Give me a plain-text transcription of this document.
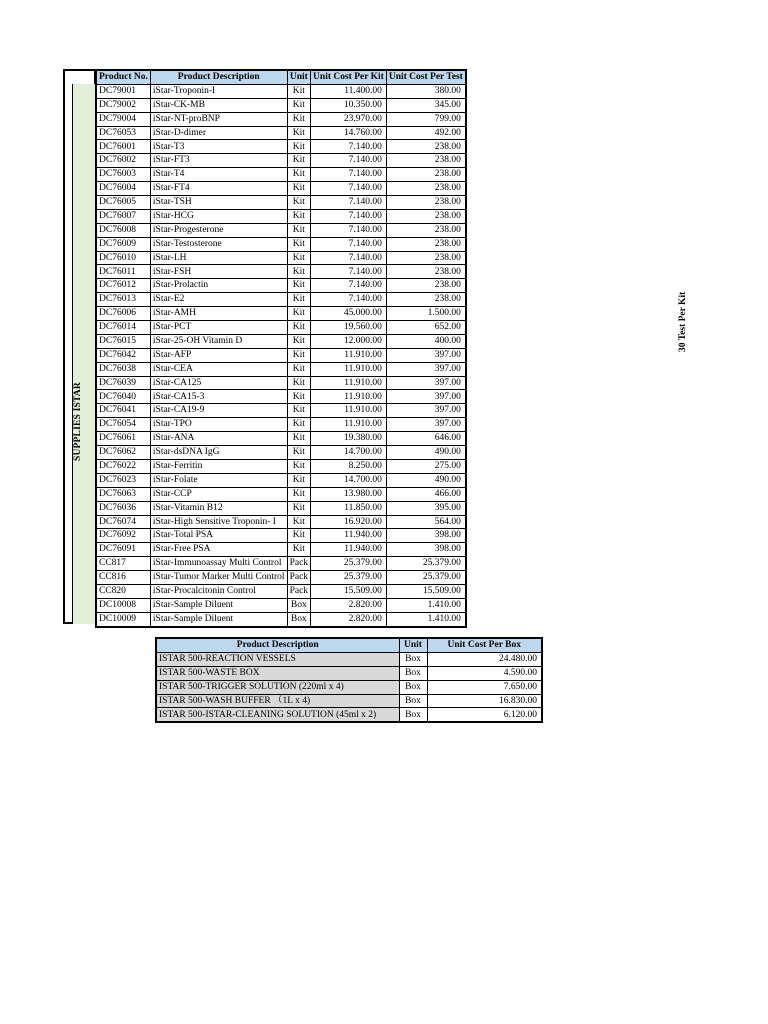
SUPPLIES ISTAR
Product No.	Product Description	Unit	Unit Cost Per Kit	Unit Cost Per Test
DC79001	iStar-Troponin-I	Kit	11.400.00	380.00
DC79002	iStar-CK-MB	Kit	10.350.00	345.00
DC79004	iStar-NT-proBNP	Kit	23.970.00	799.00
DC76053	iStar-D-dimer	Kit	14.760.00	492.00
DC76001	iStar-T3	Kit	7.140.00	238.00
DC76002	iStar-FT3	Kit	7.140.00	238.00
DC76003	iStar-T4	Kit	7.140.00	238.00
DC76004	iStar-FT4	Kit	7.140.00	238.00
DC76005	iStar-TSH	Kit	7.140.00	238.00
DC76007	iStar-HCG	Kit	7.140.00	238.00
DC76008	iStar-Progesterone	Kit	7.140.00	238.00
DC76009	iStar-Testosterone	Kit	7.140.00	238.00
DC76010	iStar-LH	Kit	7.140.00	238.00
DC76011	iStar-FSH	Kit	7.140.00	238.00
DC76012	iStar-Prolactin	Kit	7.140.00	238.00
DC76013	iStar-E2	Kit	7.140.00	238.00
DC76006	iStar-AMH	Kit	45.000.00	1.500.00
DC76014	iStar-PCT	Kit	19.560.00	652.00
DC76015	iStar-25-OH Vitamin D	Kit	12.000.00	400.00
DC76042	iStar-AFP	Kit	11.910.00	397.00
DC76038	iStar-CEA	Kit	11.910.00	397.00
DC76039	iStar-CA125	Kit	11.910.00	397.00
DC76040	iStar-CA15-3	Kit	11.910.00	397.00
DC76041	iStar-CA19-9	Kit	11.910.00	397.00
DC76054	iStar-TPO	Kit	11.910.00	397.00
DC76061	iStar-ANA	Kit	19.380.00	646.00
DC76062	iStar-dsDNA IgG	Kit	14.700.00	490.00
DC76022	iStar-Ferritin	Kit	8.250.00	275.00
DC76023	iStar-Folate	Kit	14.700.00	490.00
DC76063	iStar-CCP	Kit	13.980.00	466.00
DC76036	iStar-Vitamin B12	Kit	11.850.00	395.00
DC76074	iStar-High Sensitive Troponin- I	Kit	16.920.00	564.00
DC76092	iStar-Total PSA	Kit	11.940.00	398.00
DC76091	iStar-Free PSA	Kit	11.940.00	398.00
CC817	iStar-Immunoassay Multi Control	Pack	25.379.00	25.379.00
CC816	iStar-Tumor Marker Multi Control	Pack	25.379.00	25.379.00
CC820	iStar-Procalcitonin Control	Pack	15.509.00	15.509.00
DC10008	iStar-Sample Diluent	Box	2.820.00	1.410.00
DC10009	iStar-Sample Diluent	Box	2.820.00	1.410.00
30 Test Per Kit
Product Description	Unit	Unit Cost Per Box
ISTAR 500-REACTION VESSELS	Box	24.480.00
ISTAR 500-WASTE BOX	Box	4.590.00
ISTAR 500-TRIGGER SOLUTION (220ml x 4)	Box	7.650.00
ISTAR 500-WASH BUFFER （1L x 4)	Box	16.830.00
ISTAR 500-ISTAR-CLEANING SOLUTION (45ml x 2)	Box	6.120.00
